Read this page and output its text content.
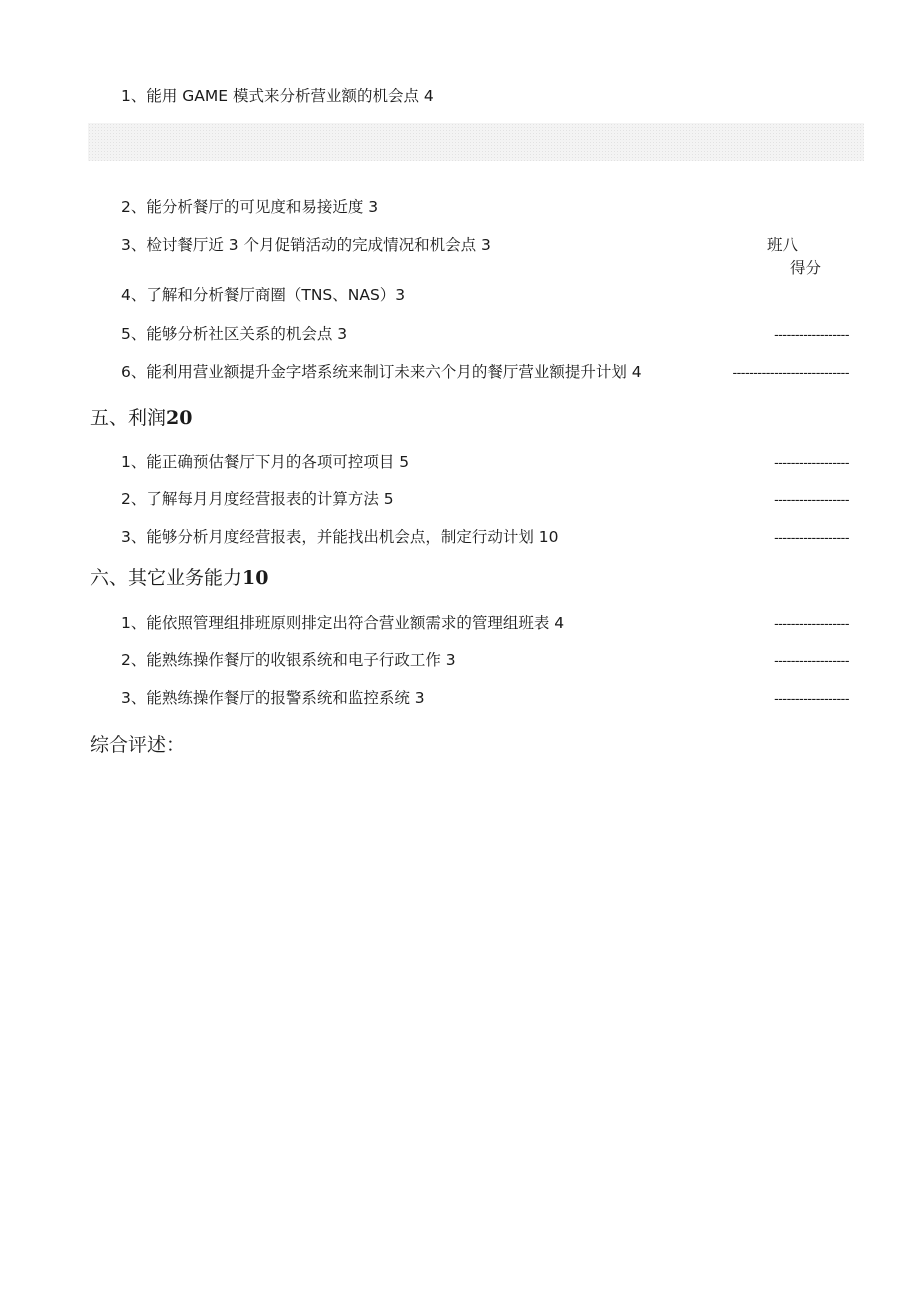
1、能用 GAME 模式来分析营业额的机会点 4
2、能分析餐厅的可见度和易接近度 3
3、检讨餐厅近 3 个月促销活动的完成情况和机会点 3	班八
得分
4、了解和分析餐厅商圈（TNS、NAS）3
5、能够分析社区关系的机会点 3	------------------
6、能利用营业额提升金字塔系统来制订未来六个月的餐厅营业额提升计划 4	----------------------------
五、利润20
1、能正确预估餐厅下月的各项可控项目 5	------------------
2、了解每月月度经营报表的计算方法 5	------------------
3、能够分析月度经营报表，并能找出机会点，制定行动计划 10	------------------
六、其它业务能力10
1、能依照管理组排班原则排定出符合营业额需求的管理组班表 4	------------------
2、能熟练操作餐厅的收银系统和电子行政工作 3	------------------
3、能熟练操作餐厅的报警系统和监控系统 3	------------------
综合评述：
